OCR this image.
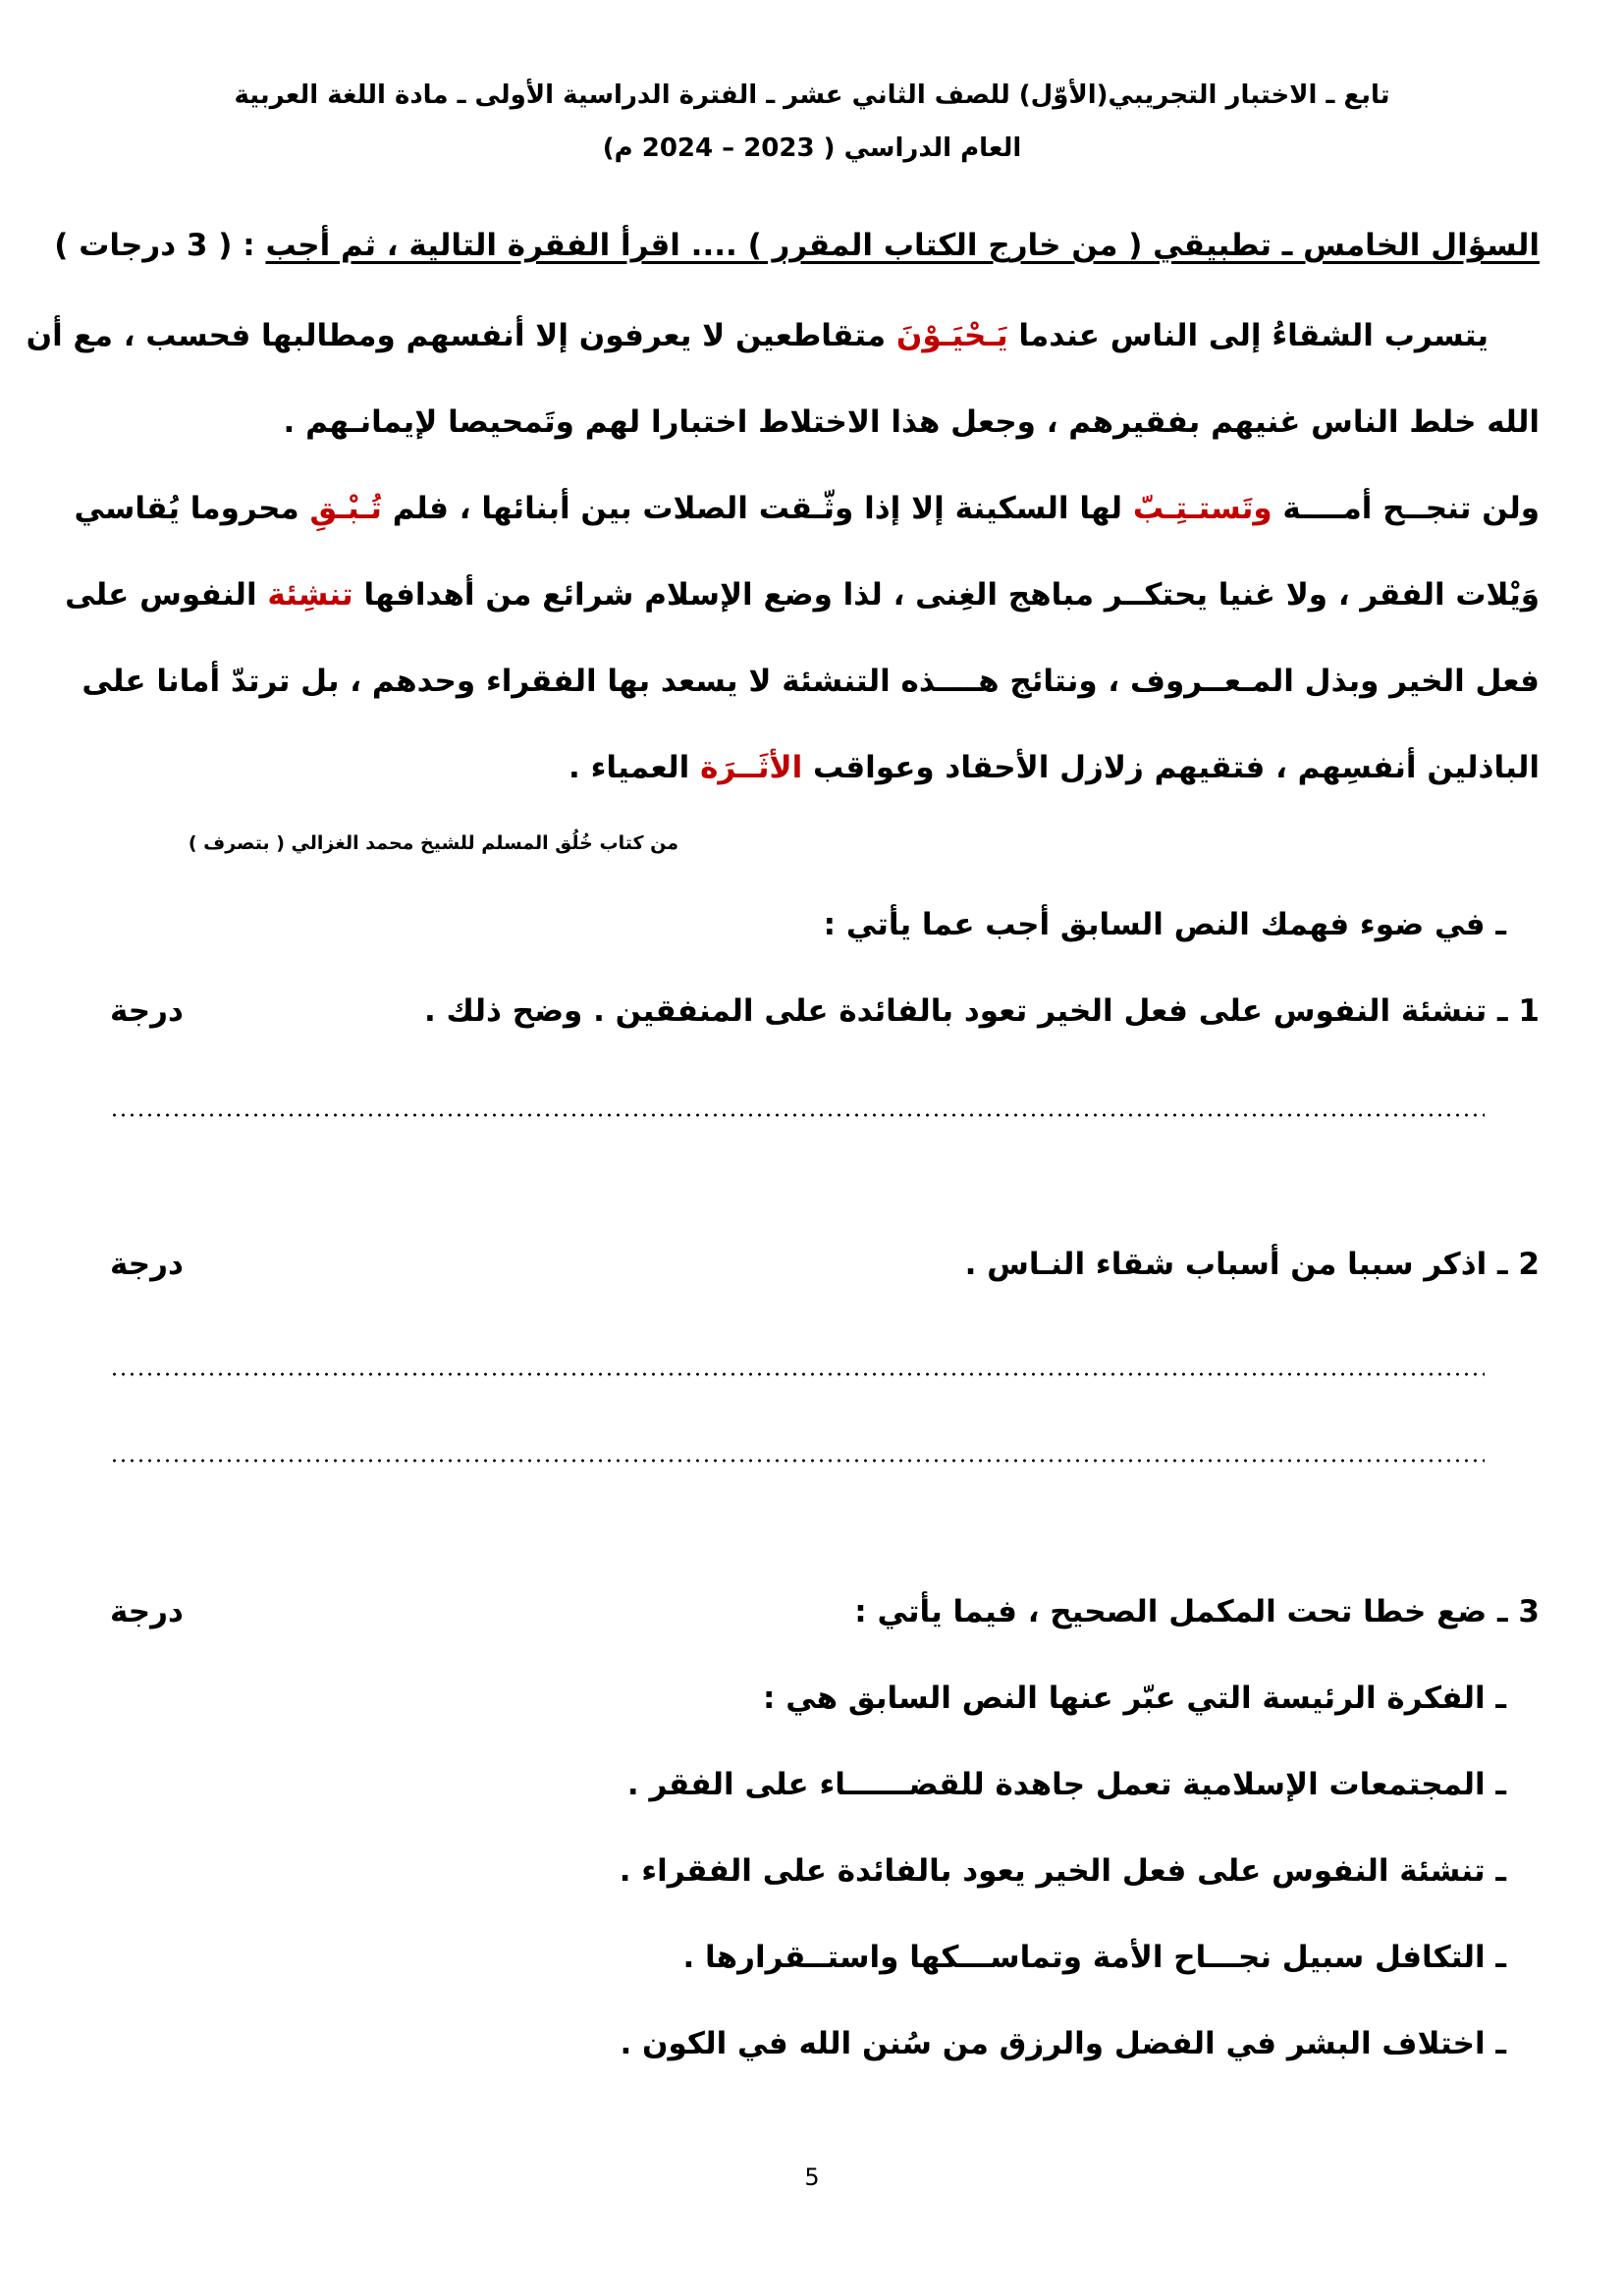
تابع ـ الاختبار التجريبي(الأوّل) للصف الثاني عشر ـ الفترة الدراسية الأولى ـ مادة اللغة العربية
العام الدراسي ( 2023 – 2024 م)
السؤال الخامس ـ تطبيقي ( من خارج الكتاب المقرر ) .... اقرأ الفقرة التالية ، ثم أجب : ( 3 درجات )
يتسرب الشقاءُ إلى الناس عندما يَـحْيَـوْنَ متقاطعين لا يعرفون إلا أنفسهم ومطالبها فحسب ، مع أن
الله خلط الناس غنيهم بفقيرهم ، وجعل هذا الاختلاط اختبارا لهم وتَمحيصا لإيمانـهم .
ولن تنجــح أمــــة وتَستـتِـبّ لها السكينة إلا إذا وثّـقت الصلات بين أبنائها ، فلم تُـبْـقِ محروما يُقاسي
وَيْلات الفقر ، ولا غنيا يحتكــر مباهج الغِنى ، لذا وضع الإسلام شرائع من أهدافها تنشِئة النفوس على
فعل الخير وبذل المـعــروف ، ونتائج هــــذه التنشئة لا يسعد بها الفقراء وحدهم ، بل ترتدّ أمانا على
الباذلين أنفسِهم ، فتقيهم زلازل الأحقاد وعواقب الأثَــرَة العمياء .
من كتاب خُلُق المسلم للشيخ محمد الغزالي ( بتصرف )
ـ في ضوء فهمك النص السابق أجب عما يأتي :
1 ـ تنشئة النفوس على فعل الخير تعود بالفائدة على المنفقين . وضح ذلك .
درجة
2 ـ اذكر سببا من أسباب شقاء النـاس .
درجة
3 ـ ضع خطا تحت المكمل الصحيح ، فيما يأتي :
درجة
ـ الفكرة الرئيسة التي عبّر عنها النص السابق هي :
ـ المجتمعات الإسلامية تعمل جاهدة للقضــــــاء على الفقر .
ـ تنشئة النفوس على فعل الخير يعود بالفائدة على الفقراء .
ـ التكافل سبيل نجـــاح الأمة وتماســـكها واستــقرارها .
ـ اختلاف البشر في الفضل والرزق من سُنن الله في الكون .
5
